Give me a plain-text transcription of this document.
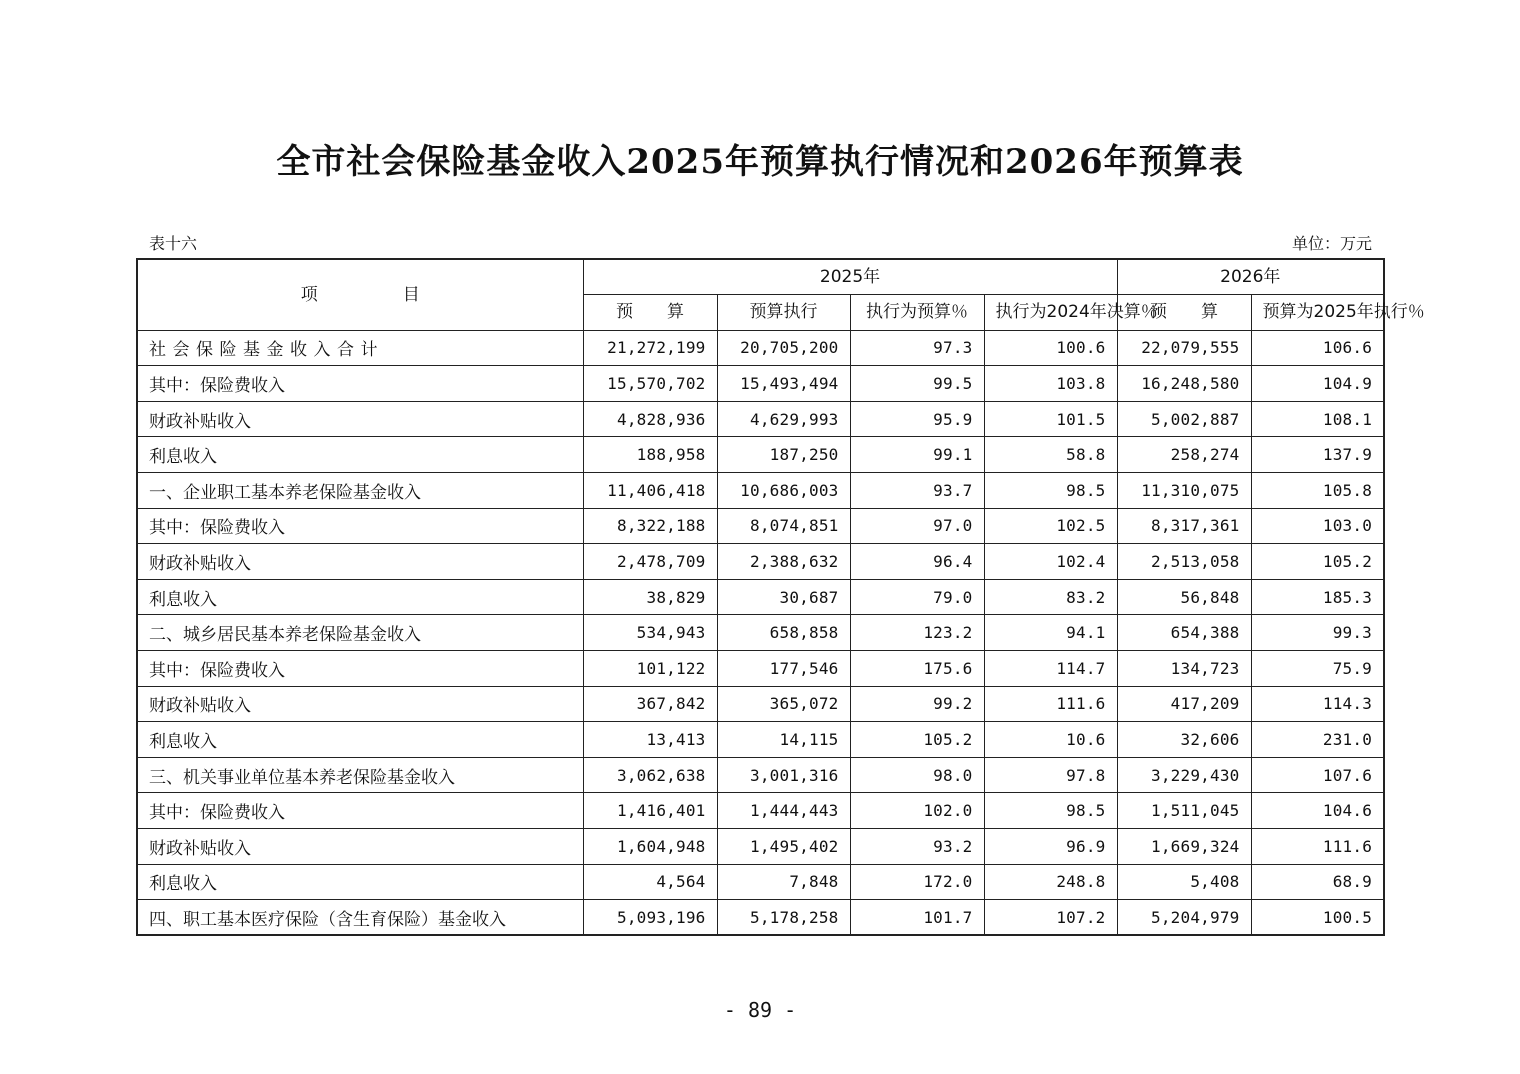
全市社会保险基金收入2025年预算执行情况和2026年预算表
表十六	单位：万元
项　　　　　目	2025年				2026年	
	预　　算	预算执行	执行为预算％	执行为2024年决算％	预　　算	预算为2025年执行％
社会保险基金收入合计	21,272,199	20,705,200	97.3	100.6	22,079,555	106.6
其中：保险费收入	15,570,702	15,493,494	99.5	103.8	16,248,580	104.9
财政补贴收入	4,828,936	4,629,993	95.9	101.5	5,002,887	108.1
利息收入	188,958	187,250	99.1	58.8	258,274	137.9
一、企业职工基本养老保险基金收入	11,406,418	10,686,003	93.7	98.5	11,310,075	105.8
其中：保险费收入	8,322,188	8,074,851	97.0	102.5	8,317,361	103.0
财政补贴收入	2,478,709	2,388,632	96.4	102.4	2,513,058	105.2
利息收入	38,829	30,687	79.0	83.2	56,848	185.3
二、城乡居民基本养老保险基金收入	534,943	658,858	123.2	94.1	654,388	99.3
其中：保险费收入	101,122	177,546	175.6	114.7	134,723	75.9
财政补贴收入	367,842	365,072	99.2	111.6	417,209	114.3
利息收入	13,413	14,115	105.2	10.6	32,606	231.0
三、机关事业单位基本养老保险基金收入	3,062,638	3,001,316	98.0	97.8	3,229,430	107.6
其中：保险费收入	1,416,401	1,444,443	102.0	98.5	1,511,045	104.6
财政补贴收入	1,604,948	1,495,402	93.2	96.9	1,669,324	111.6
利息收入	4,564	7,848	172.0	248.8	5,408	68.9
四、职工基本医疗保险（含生育保险）基金收入	5,093,196	5,178,258	101.7	107.2	5,204,979	100.5
- 89 -
